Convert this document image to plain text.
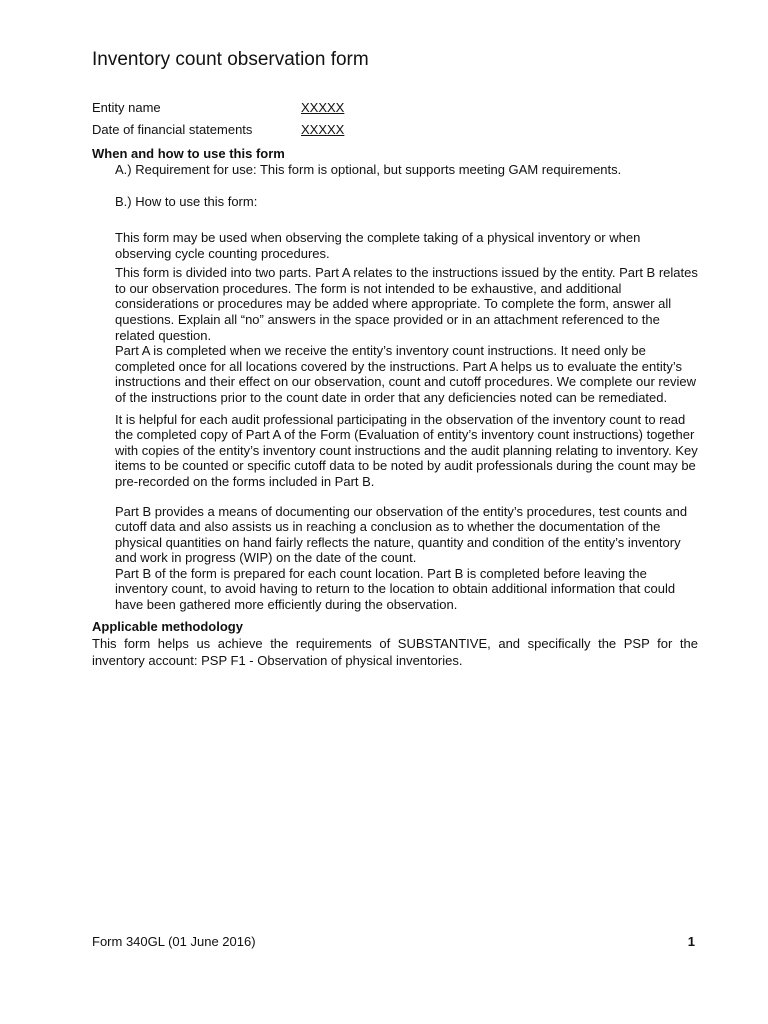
Inventory count observation form
Entity name	XXXXX
Date of financial statements	XXXXX

When and how to use this form

A.) Requirement for use: This form is optional, but supports meeting GAM requirements.

B.) How to use this form:

This form may be used when observing the complete taking of a physical inventory or when observing cycle counting procedures.

This form is divided into two parts. Part A relates to the instructions issued by the entity. Part B relates to our observation procedures. The form is not intended to be exhaustive, and additional considerations or procedures may be added where appropriate. To complete the form, answer all questions. Explain all “no” answers in the space provided or in an attachment referenced to the related question.

Part A is completed when we receive the entity’s inventory count instructions. It need only be completed once for all locations covered by the instructions. Part A helps us to evaluate the entity’s instructions and their effect on our observation, count and cutoff procedures. We complete our review of the instructions prior to the count date in order that any deficiencies noted can be remediated.

It is helpful for each audit professional participating in the observation of the inventory count to read the completed copy of Part A of the Form (Evaluation of entity’s inventory count instructions) together with copies of the entity’s inventory count instructions and the audit planning relating to inventory. Key items to be counted or specific cutoff data to be noted by audit professionals during the count may be pre-recorded on the forms included in Part B.

Part B provides a means of documenting our observation of the entity’s procedures, test counts and cutoff data and also assists us in reaching a conclusion as to whether the documentation of the physical quantities on hand fairly reflects the nature, quantity and condition of the entity’s inventory and work in progress (WIP) on the date of the count.

Part B of the form is prepared for each count location. Part B is completed before leaving the inventory count, to avoid having to return to the location to obtain additional information that could have been gathered more efficiently during the observation.

Applicable methodology

This form helps us achieve the requirements of SUBSTANTIVE, and specifically the PSP for the inventory account: PSP F1 - Observation of physical inventories.

Form 340GL (01 June 2016)	1
